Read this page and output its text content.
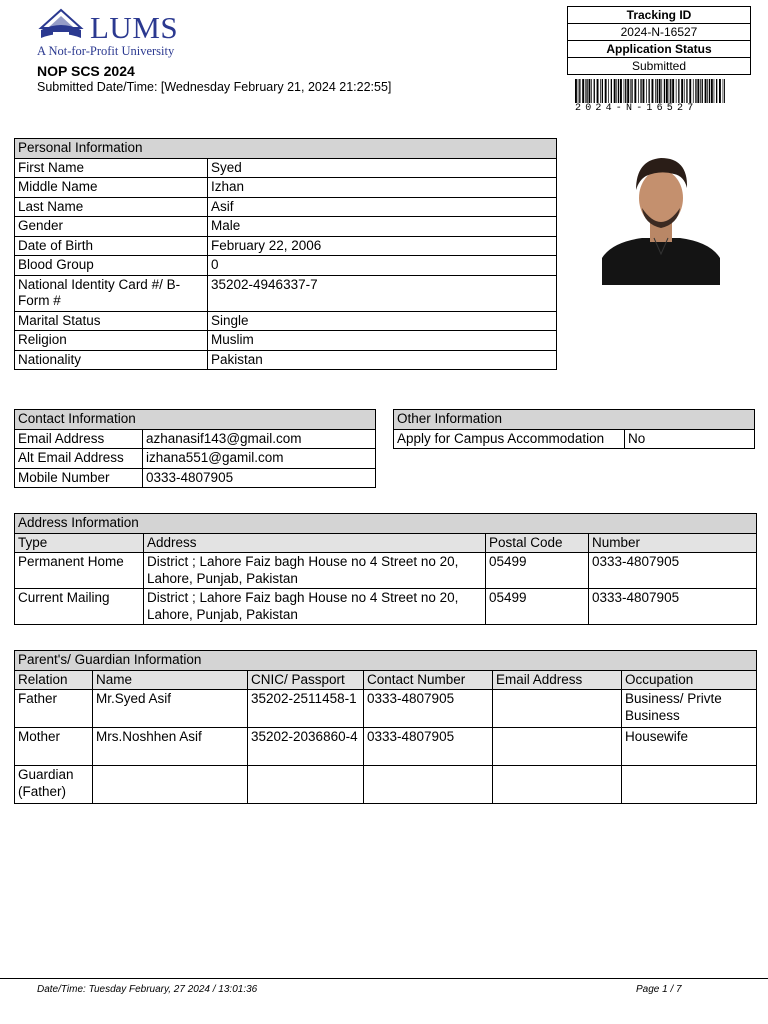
LUMS
A Not-for-Profit University
NOP SCS 2024
Submitted Date/Time: [Wednesday February 21, 2024 21:22:55]
Tracking ID
2024-N-16527
Application Status
Submitted
2024-N-16527
Personal Information	
First Name	Syed
Middle Name	Izhan
Last Name	Asif
Gender	Male
Date of Birth	February 22, 2006
Blood Group	0
National Identity Card #/ B-Form #	35202-4946337-7
Marital Status	Single
Religion	Muslim
Nationality	Pakistan
Contact Information	
Email Address	azhanasif143@gmail.com
Alt Email Address	izhana551@gamil.com
Mobile Number	0333-4807905
Other Information
Apply for Campus Accommodation	No
Address Information			
Type	Address	Postal Code	Number
Permanent Home	District ; Lahore Faiz bagh House no 4 Street no 20, Lahore, Punjab, Pakistan	05499	0333-4807905
Current Mailing	District ; Lahore Faiz bagh House no 4 Street no 20, Lahore, Punjab, Pakistan	05499	0333-4807905
Parent's/ Guardian Information					
Relation	Name	CNIC/ Passport	Contact Number	Email Address	Occupation
Father	Mr.Syed Asif	35202-2511458-1	0333-4807905		Business/ Privte Business
Mother	Mrs.Noshhen Asif	35202-2036860-4	0333-4807905		Housewife
Guardian (Father)					
Date/Time: Tuesday February, 27 2024 / 13:01:36	Page 1 / 7
